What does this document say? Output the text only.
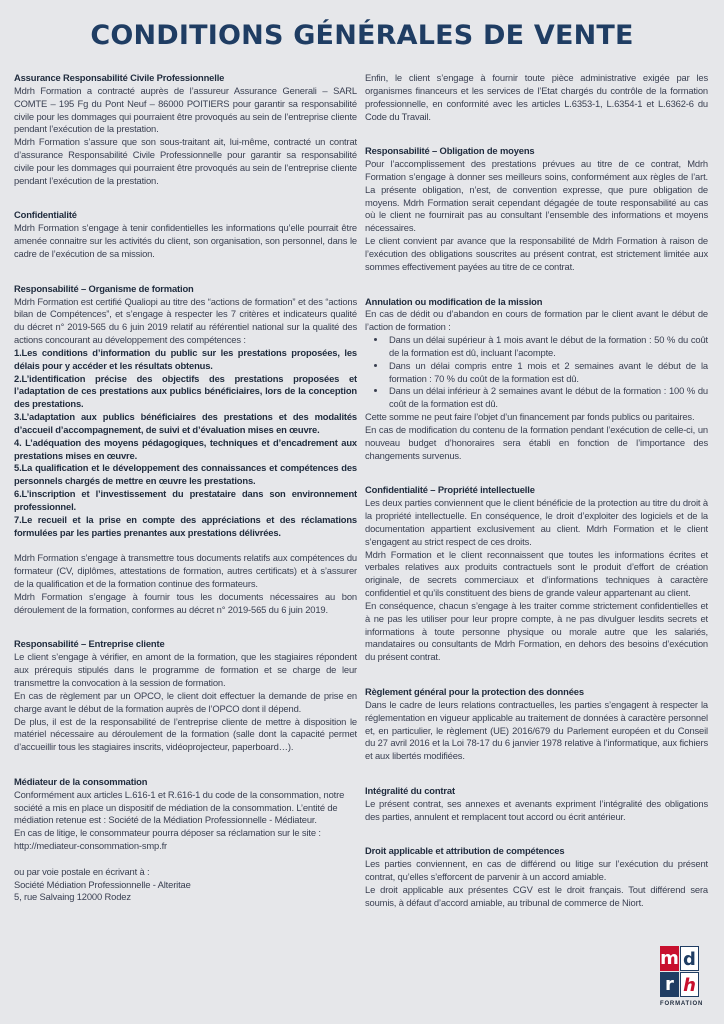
CONDITIONS GÉNÉRALES DE VENTE

Assurance Responsabilité Civile Professionnelle

Mdrh Formation a contracté auprès de l’assureur Assurance Generali – SARL COMTE – 195 Fg du Pont Neuf – 86000 POITIERS pour garantir sa responsabilité civile pour les dommages qui pourraient être provoqués au sein de l’entreprise cliente pendant l’exécution de la prestation.

Mdrh Formation s’assure que son sous-traitant ait, lui-même, contracté un contrat d’assurance Responsabilité Civile Professionnelle pour garantir sa responsabilité civile pour les dommages qui pourraient être provoqués au sein de l’entreprise cliente pendant l’exécution de la prestation.

Confidentialité

Mdrh Formation s’engage à tenir confidentielles les informations qu’elle pourrait être amenée connaitre sur les activités du client, son organisation, son personnel, dans le cadre de l’exécution de sa mission.

Responsabilité – Organisme de formation

Mdrh Formation est certifié Qualiopi au titre des “actions de formation” et des “actions bilan de Compétences”, et s’engage à respecter les 7 critères et indicateurs qualité du décret n° 2019-565 du 6 juin 2019 relatif au référentiel national sur la qualité des actions concourant au développement des compétences :

1.Les conditions d’information du public sur les prestations proposées, les délais pour y accéder et les résultats obtenus.

2.L’identification précise des objectifs des prestations proposées et l’adaptation de ces prestations aux publics bénéficiaires, lors de la conception des prestations.

3.L’adaptation aux publics bénéficiaires des prestations et des modalités d’accueil d’accompagnement, de suivi et d’évaluation mises en œuvre.

4. L’adéquation des moyens pédagogiques, techniques et d’encadrement aux prestations mises en œuvre.

5.La qualification et le développement des connaissances et compétences des personnels chargés de mettre en œuvre les prestations.

6.L’inscription et l’investissement du prestataire dans son environnement professionnel.

7.Le recueil et la prise en compte des appréciations et des réclamations formulées par les parties prenantes aux prestations délivrées.

Mdrh Formation s’engage à transmettre tous documents relatifs aux compétences du formateur (CV, diplômes, attestations de formation, autres certificats) et à s’assurer de la qualification et de la formation continue des formateurs.

Mdrh Formation s’engage à fournir tous les documents nécessaires au bon déroulement de la formation, conformes au décret n° 2019-565 du 6 juin 2019.

Responsabilité – Entreprise cliente

Le client s’engage à vérifier, en amont de la formation, que les stagiaires répondent aux prérequis stipulés dans le programme de formation et se charge de leur transmettre la convocation à la session de formation.

En cas de règlement par un OPCO, le client doit effectuer la demande de prise en charge avant le début de la formation auprès de l’OPCO dont il dépend.

De plus, il est de la responsabilité de l’entreprise cliente de mettre à disposition le matériel nécessaire au déroulement de la formation (salle dont la capacité permet d’accueillir tous les stagiaires inscrits, vidéoprojecteur, paperboard…).

Médiateur de la consommation

Conformément aux articles L.616-1 et R.616-1 du code de la consommation, notre société a mis en place un dispositif de médiation de la consommation. L’entité de médiation retenue est : Société de la Médiation Professionnelle - Médiateur.

En cas de litige, le consommateur pourra déposer sa réclamation sur le site :

http://mediateur-consommation-smp.fr

ou par voie postale en écrivant à :

Société Médiation Professionnelle - Alteritae

5, rue Salvaing 12000 Rodez

Enfin, le client s’engage à fournir toute pièce administrative exigée par les organismes financeurs et les services de l’Etat chargés du contrôle de la formation professionnelle, en conformité avec les articles L.6353-1, L.6354-1 et L.6362-6 du Code du Travail.

Responsabilité – Obligation de moyens

Pour l’accomplissement des prestations prévues au titre de ce contrat, Mdrh Formation s’engage à donner ses meilleurs soins, conformément aux règles de l’art. La présente obligation, n’est, de convention expresse, que pure obligation de moyens. Mdrh Formation serait cependant dégagée de toute responsabilité au cas où le client ne fournirait pas au consultant l’ensemble des informations et moyens nécessaires.

Le client convient par avance que la responsabilité de Mdrh Formation à raison de l’exécution des obligations souscrites au présent contrat, est strictement limitée aux sommes effectivement payées au titre de ce contrat.

Annulation ou modification de la mission

En cas de dédit ou d’abandon en cours de formation par le client avant le début de l’action de formation :

• Dans un délai supérieur à 1 mois avant le début de la formation : 50 % du coût de la formation est dû, incluant l’acompte.
• Dans un délai compris entre 1 mois et 2 semaines avant le début de la formation : 70 % du coût de la formation est dû.
• Dans un délai inférieur à 2 semaines avant le début de la formation : 100 % du coût de la formation est dû.

Cette somme ne peut faire l’objet d’un financement par fonds publics ou paritaires.

En cas de modification du contenu de la formation pendant l’exécution de celle-ci, un nouveau budget d’honoraires sera établi en fonction de l’importance des changements survenus.

Confidentialité – Propriété intellectuelle

Les deux parties conviennent que le client bénéficie de la protection au titre du droit à la propriété intellectuelle. En conséquence, le droit d’exploiter des logiciels et de la documentation appartient exclusivement au client. Mdrh Formation et le client s’engagent au strict respect de ces droits.

Mdrh Formation et le client reconnaissent que toutes les informations écrites et verbales relatives aux produits contractuels sont le produit d’effort de création originale, de secrets commerciaux et d’informations techniques à caractère confidentiel et qu’ils constituent des biens de grande valeur appartenant au client.

En conséquence, chacun s’engage à les traiter comme strictement confidentielles et à ne pas les utiliser pour leur propre compte, à ne pas divulguer lesdits secrets et informations à toute personne physique ou morale autre que les salariés, mandataires ou consultants de Mdrh Formation, en dehors des besoins d’exécution du présent contrat.

Règlement général pour la protection des données

Dans le cadre de leurs relations contractuelles, les parties s’engagent à respecter la réglementation en vigueur applicable au traitement de données à caractère personnel et, en particulier, le règlement (UE) 2016/679 du Parlement européen et du Conseil du 27 avril 2016 et la Loi 78-17 du 6 janvier 1978 relative à l’informatique, aux fichiers et aux libertés modifiées.

Intégralité du contrat

Le présent contrat, ses annexes et avenants expriment l’intégralité des obligations des parties, annulent et remplacent tout accord ou écrit antérieur.

Droit applicable et attribution de compétences

Les parties conviennent, en cas de différend ou litige sur l’exécution du présent contrat, qu’elles s’efforcent de parvenir à un accord amiable.

Le droit applicable aux présentes CGV est le droit français. Tout différend sera soumis, à défaut d’accord amiable, au tribunal de commerce de Niort.

m d
r h
FORMATION
